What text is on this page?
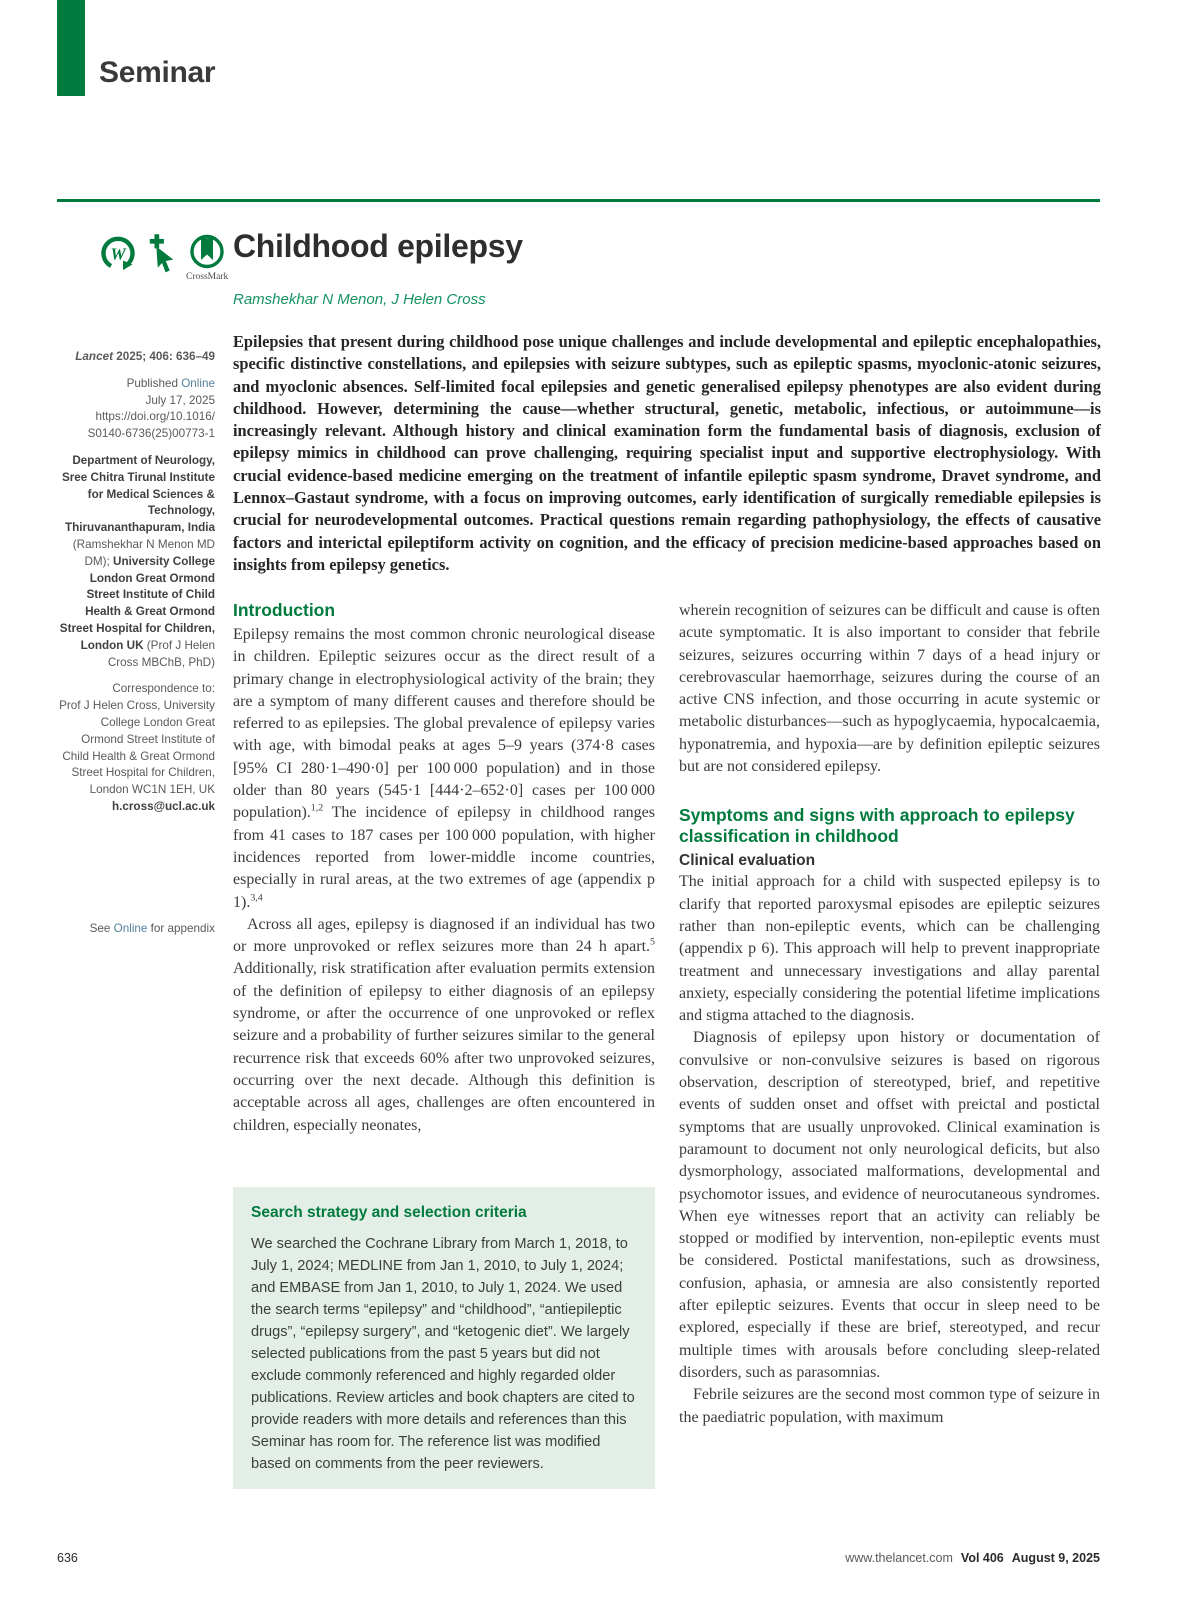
Seminar
W
CrossMark
Childhood epilepsy
Ramshekhar N Menon, J Helen Cross

Epilepsies that present during childhood pose unique challenges and include developmental and epileptic encephalopathies, specific distinctive constellations, and epilepsies with seizure subtypes, such as epileptic spasms, myoclonic-atonic seizures, and myoclonic absences. Self-limited focal epilepsies and genetic generalised epilepsy phenotypes are also evident during childhood. However, determining the cause—whether structural, genetic, metabolic, infectious, or autoimmune—is increasingly relevant. Although history and clinical examination form the fundamental basis of diagnosis, exclusion of epilepsy mimics in childhood can prove challenging, requiring specialist input and supportive electrophysiology. With crucial evidence-based medicine emerging on the treatment of infantile epileptic spasm syndrome, Dravet syndrome, and Lennox–Gastaut syndrome, with a focus on improving outcomes, early identification of surgically remediable epilepsies is crucial for neurodevelopmental outcomes. Practical questions remain regarding pathophysiology, the effects of causative factors and interictal epileptiform activity on cognition, and the efficacy of precision medicine-based approaches based on insights from epilepsy genetics.

Lancet 2025; 406: 636–49

Published Online
July 17, 2025
https://doi.org/10.1016/
S0140-6736(25)00773-1

Department of Neurology, Sree Chitra Tirunal Institute for Medical Sciences & Technology, Thiruvananthapuram, India (Ramshekhar N Menon MD DM); University College London Great Ormond Street Institute of Child Health & Great Ormond Street Hospital for Children, London UK (Prof J Helen Cross MBChB, PhD)

Correspondence to:
Prof J Helen Cross, University College London Great Ormond Street Institute of Child Health & Great Ormond Street Hospital for Children, London WC1N 1EH, UK
h.cross@ucl.ac.uk

See Online for appendix
Introduction

Epilepsy remains the most common chronic neurological disease in children. Epileptic seizures occur as the direct result of a primary change in electrophysiological activity of the brain; they are a symptom of many different causes and therefore should be referred to as epilepsies. The global prevalence of epilepsy varies with age, with bimodal peaks at ages 5–9 years (374·8 cases [95% CI 280·1–490·0] per 100 000 population) and in those older than 80 years (545·1 [444·2–652·0] cases per 100 000 population).$^{1,2}$ The incidence of epilepsy in childhood ranges from 41 cases to 187 cases per 100 000 population, with higher incidences reported from lower-middle income countries, especially in rural areas, at the two extremes of age (appendix p 1).$^{3,4}$

Across all ages, epilepsy is diagnosed if an individual has two or more unprovoked or reflex seizures more than 24 h apart.$^5$ Additionally, risk stratification after evaluation permits extension of the definition of epilepsy to either diagnosis of an epilepsy syndrome, or after the occurrence of one unprovoked or reflex seizure and a probability of further seizures similar to the general recurrence risk that exceeds 60% after two unprovoked seizures, occurring over the next decade. Although this definition is acceptable across all ages, challenges are often encountered in children, especially neonates,

Search strategy and selection criteria

We searched the Cochrane Library from March 1, 2018, to July 1, 2024; MEDLINE from Jan 1, 2010, to July 1, 2024; and EMBASE from Jan 1, 2010, to July 1, 2024. We used the search terms “epilepsy” and “childhood”, “antiepileptic drugs”, “epilepsy surgery”, and “ketogenic diet”. We largely selected publications from the past 5 years but did not exclude commonly referenced and highly regarded older publications. Review articles and book chapters are cited to provide readers with more details and references than this Seminar has room for. The reference list was modified based on comments from the peer reviewers.

wherein recognition of seizures can be difficult and cause is often acute symptomatic. It is also important to consider that febrile seizures, seizures occurring within 7 days of a head injury or cerebrovascular haemorrhage, seizures during the course of an active CNS infection, and those occurring in acute systemic or metabolic disturbances—such as hypoglycaemia, hypocalcaemia, hyponatremia, and hypoxia—are by definition epileptic seizures but are not considered epilepsy.

Symptoms and signs with approach to epilepsy classification in childhood
Clinical evaluation

The initial approach for a child with suspected epilepsy is to clarify that reported paroxysmal episodes are epileptic seizures rather than non-epileptic events, which can be challenging (appendix p 6). This approach will help to prevent inappropriate treatment and unnecessary investigations and allay parental anxiety, especially considering the potential lifetime implications and stigma attached to the diagnosis.

Diagnosis of epilepsy upon history or documentation of convulsive or non-convulsive seizures is based on rigorous observation, description of stereotyped, brief, and repetitive events of sudden onset and offset with preictal and postictal symptoms that are usually unprovoked. Clinical examination is paramount to document not only neurological deficits, but also dysmorphology, associated malformations, developmental and psychomotor issues, and evidence of neurocutaneous syndromes. When eye witnesses report that an activity can reliably be stopped or modified by intervention, non-epileptic events must be considered. Postictal manifestations, such as drowsiness, confusion, aphasia, or amnesia are also consistently reported after epileptic seizures. Events that occur in sleep need to be explored, especially if these are brief, stereotyped, and recur multiple times with arousals before concluding sleep-related disorders, such as parasomnias.

Febrile seizures are the second most common type of seizure in the paediatric population, with maximum

636	www.thelancet.com Vol 406 August 9, 2025
